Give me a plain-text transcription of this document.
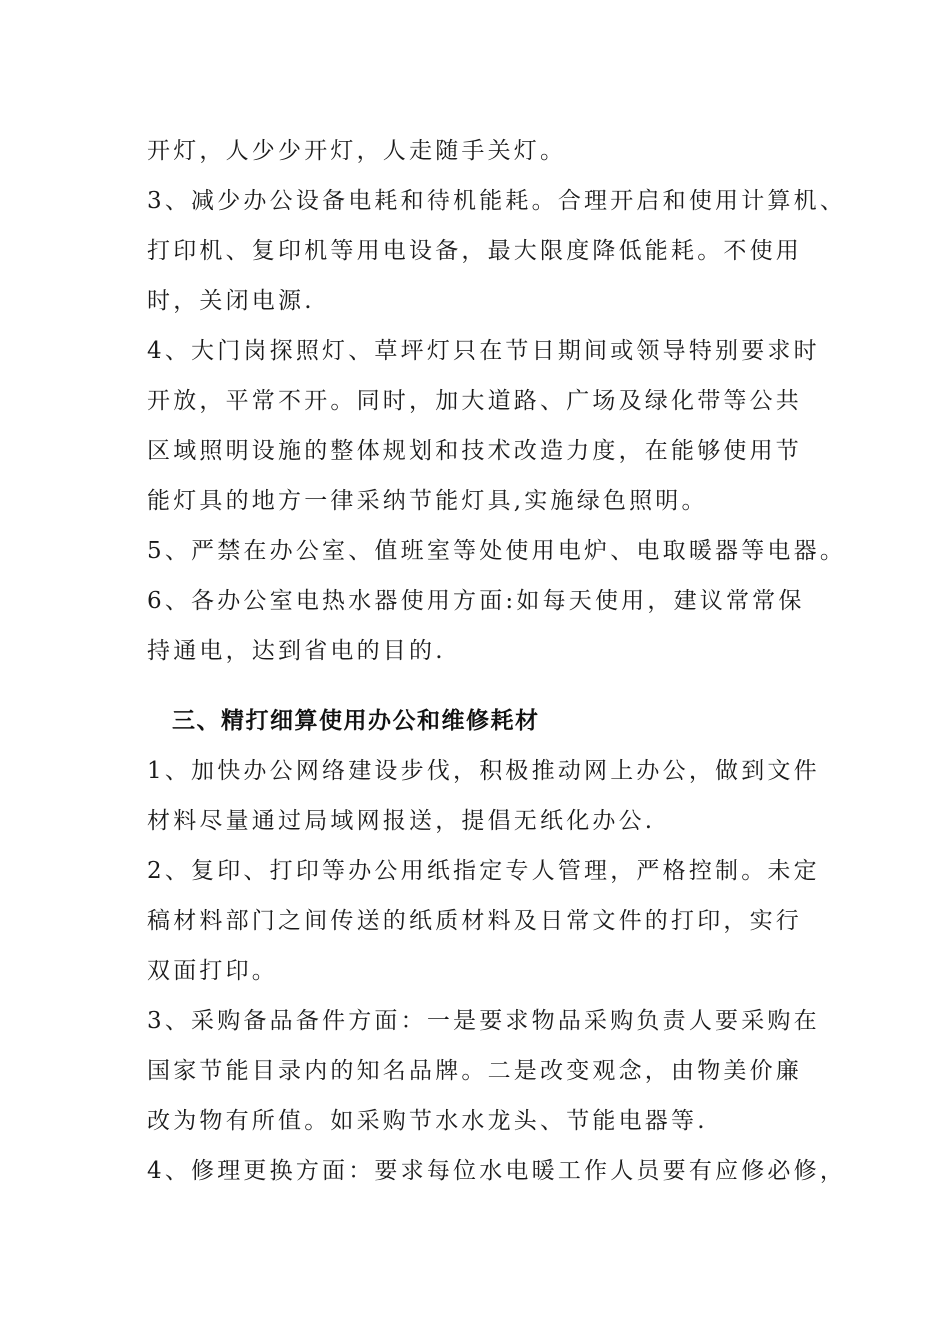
开灯，人少少开灯，人走随手关灯。
3、减少办公设备电耗和待机能耗。合理开启和使用计算机、
打印机、复印机等用电设备，最大限度降低能耗。不使用
时，关闭电源.
4、大门岗探照灯、草坪灯只在节日期间或领导特别要求时
开放，平常不开。同时，加大道路、广场及绿化带等公共
区域照明设施的整体规划和技术改造力度，在能够使用节
能灯具的地方一律采纳节能灯具,实施绿色照明。
5、严禁在办公室、值班室等处使用电炉、电取暖器等电器。
6、各办公室电热水器使用方面:如每天使用，建议常常保
持通电，达到省电的目的.
三、精打细算使用办公和维修耗材
1、加快办公网络建设步伐，积极推动网上办公，做到文件
材料尽量通过局域网报送，提倡无纸化办公.
2、复印、打印等办公用纸指定专人管理，严格控制。未定
稿材料部门之间传送的纸质材料及日常文件的打印，实行
双面打印。
3、采购备品备件方面：一是要求物品采购负责人要采购在
国家节能目录内的知名品牌。二是改变观念，由物美价廉
改为物有所值。如采购节水水龙头、节能电器等.
4、修理更换方面：要求每位水电暖工作人员要有应修必修，
